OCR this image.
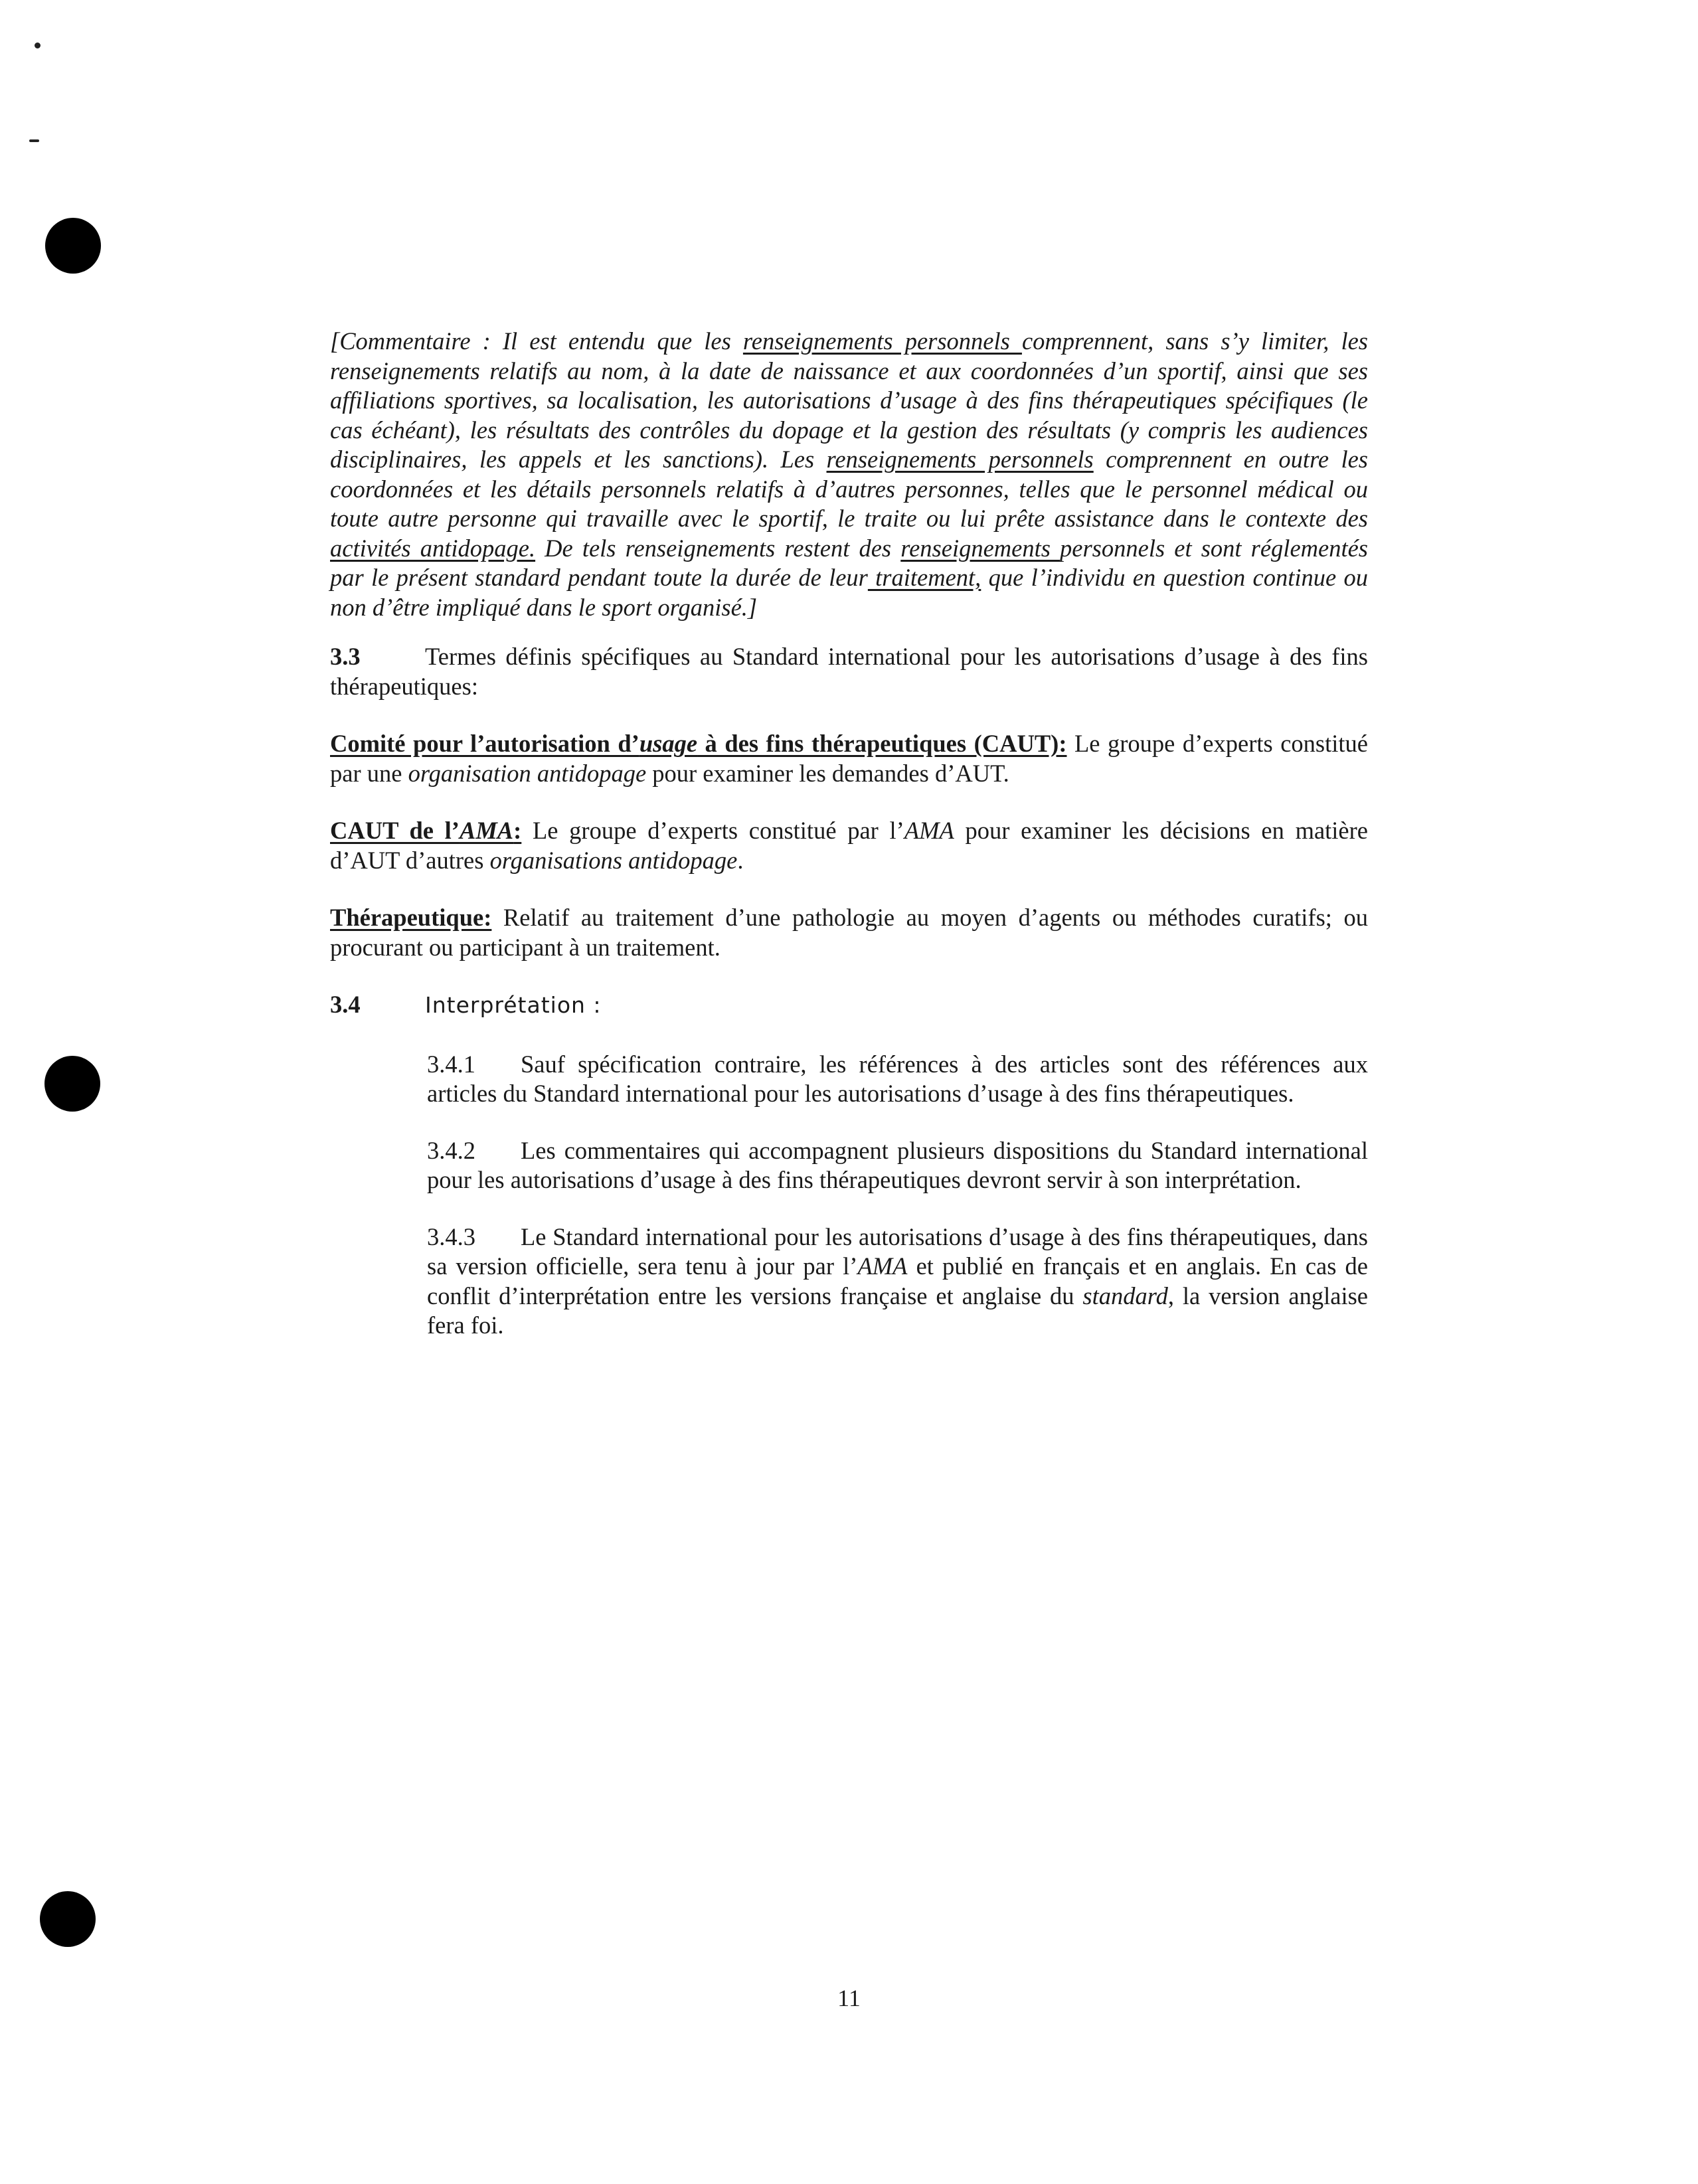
[Commentaire : Il est entendu que les renseignements personnels comprennent, sans s’y limiter, les renseignements relatifs au nom, à la date de naissance et aux coordonnées d’un sportif, ainsi que ses affiliations sportives, sa localisation, les autorisations d’usage à des fins thérapeutiques spécifiques (le cas échéant), les résultats des contrôles du dopage et la gestion des résultats (y compris les audiences disciplinaires, les appels et les sanctions). Les renseignements personnels comprennent en outre les coordonnées et les détails personnels relatifs à d’autres personnes, telles que le personnel médical ou toute autre personne qui travaille avec le sportif, le traite ou lui prête assistance dans le contexte des activités antidopage. De tels renseignements restent des renseignements personnels et sont réglementés par le présent standard pendant toute la durée de leur traitement, que l’individu en question continue ou non d’être impliqué dans le sport organisé.]

3.3	Termes définis spécifiques au Standard international pour les autorisations d’usage à des fins thérapeutiques:

Comité pour l’autorisation d’usage à des fins thérapeutiques (CAUT): Le groupe d’experts constitué par une organisation antidopage pour examiner les demandes d’AUT.

CAUT de l’AMA: Le groupe d’experts constitué par l’AMA pour examiner les décisions en matière d’AUT d’autres organisations antidopage.

Thérapeutique: Relatif au traitement d’une pathologie au moyen d’agents ou méthodes curatifs; ou procurant ou participant à un traitement.

3.4	Interprétation :

3.4.1 Sauf spécification contraire, les références à des articles sont des références aux articles du Standard international pour les autorisations d’usage à des fins thérapeutiques.

3.4.2 Les commentaires qui accompagnent plusieurs dispositions du Standard international pour les autorisations d’usage à des fins thérapeutiques devront servir à son interprétation.

3.4.3 Le Standard international pour les autorisations d’usage à des fins thérapeutiques, dans sa version officielle, sera tenu à jour par l’AMA et publié en français et en anglais. En cas de conflit d’interprétation entre les versions française et anglaise du standard, la version anglaise fera foi.

11
